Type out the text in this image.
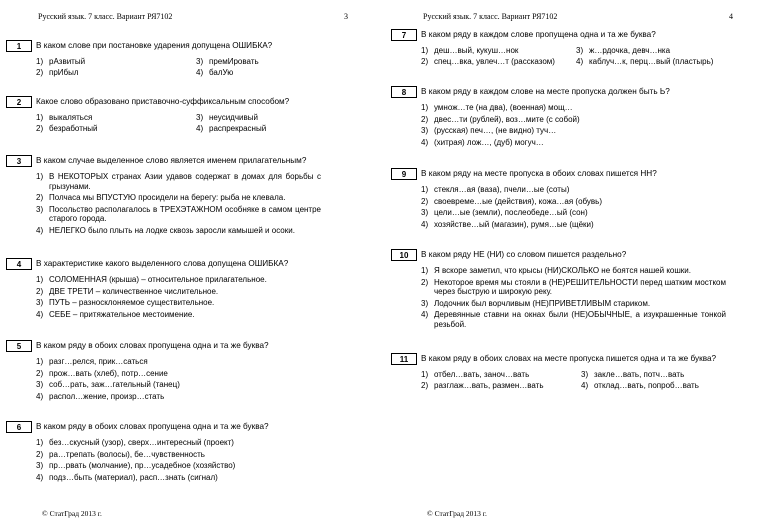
Русский язык. 7 класс. Вариант РЯ7102	3
1	В каком слове при постановке ударения допущена ОШИБКА?
1) рАзвитый	3) премИровать
2) прИбыл	4) балУю
2	Какое слово образовано приставочно-суффиксальным способом?
1) выкаляться	3) неусидчивый
2) безработный	4) распрекрасный
3	В каком случае выделенное слово является именем прилагательным?
1) В НЕКОТОРЫХ странах Азии удавов содержат в домах для борьбы с грызунами.
2) Полчаса мы ВПУСТУЮ просидели на берегу: рыба не клевала.
3) Посольство располагалось в ТРЕХЭТАЖНОМ особняке в самом центре старого города.
4) НЕЛЕГКО было плыть на лодке сквозь заросли камышей и осоки.
4	В характеристике какого выделенного слова допущена ОШИБКА?
1) СОЛОМЕННАЯ (крыша) – относительное прилагательное.
2) ДВЕ ТРЕТИ – количественное числительное.
3) ПУТЬ – разносклоняемое существительное.
4) СЕБЕ – притяжательное местоимение.
5	В каком ряду в обоих словах пропущена одна и та же буква?
1) разг…релся, прик…саться
2) прож…вать (хлеб), потр…сение
3) соб…рать, заж…гательный (танец)
4) распол…жение, произр…стать
6	В каком ряду в обоих словах пропущена одна и та же буква?
1) без…скусный (узор), сверх…интересный (проект)
2) ра…трепать (волосы), бе…чувственность
3) пр…рвать (молчание), пр…усадебное (хозяйство)
4) подз…быть (материал), расп…знать (сигнал)
© СтатГрад 2013 г.
Русский язык. 7 класс. Вариант РЯ7102	4
7	В каком ряду в каждом слове пропущена одна и та же буква?
1) деш…вый, кукуш…нок	3) ж…рдочка, девч…нка
2) спец…вка, увлеч…т (рассказом)	4) каблуч…к, перц…вый (пластырь)
8	В каком ряду в каждом слове на месте пропуска должен быть Ь?
1) умнож…те (на два), (военная) мощ…
2) двес…ти (рублей), воз…мите (с собой)
3) (русская) печ…, (не видно) туч…
4) (хитрая) лож…, (дуб) могуч…
9	В каком ряду на месте пропуска в обоих словах пишется НН?
1) стекля…ая (ваза), пчели…ые (соты)
2) своевреме…ые (действия), кожа…ая (обувь)
3) цели…ые (земли), послеобеде…ый (сон)
4) хозяйстве…ый (магазин), румя…ые (щёки)
10	В каком ряду НЕ (НИ) со словом пишется раздельно?
1) Я вскоре заметил, что крысы (НИ)СКОЛЬКО не боятся нашей кошки.
2) Некоторое время мы стояли в (НЕ)РЕШИТЕЛЬНОСТИ перед шатким мостком через быструю и широкую реку.
3) Лодочник был ворчливым (НЕ)ПРИВЕТЛИВЫМ стариком.
4) Деревянные ставни на окнах были (НЕ)ОБЫЧНЫЕ, а изукрашенные тонкой резьбой.
11	В каком ряду в обоих словах на месте пропуска пишется одна и та же буква?
1) отбел…вать, заноч…вать	3) закле…вать, потч…вать
2) разглаж…вать, размен…вать	4) отклад…вать, попроб…вать
© СтатГрад 2013 г.
